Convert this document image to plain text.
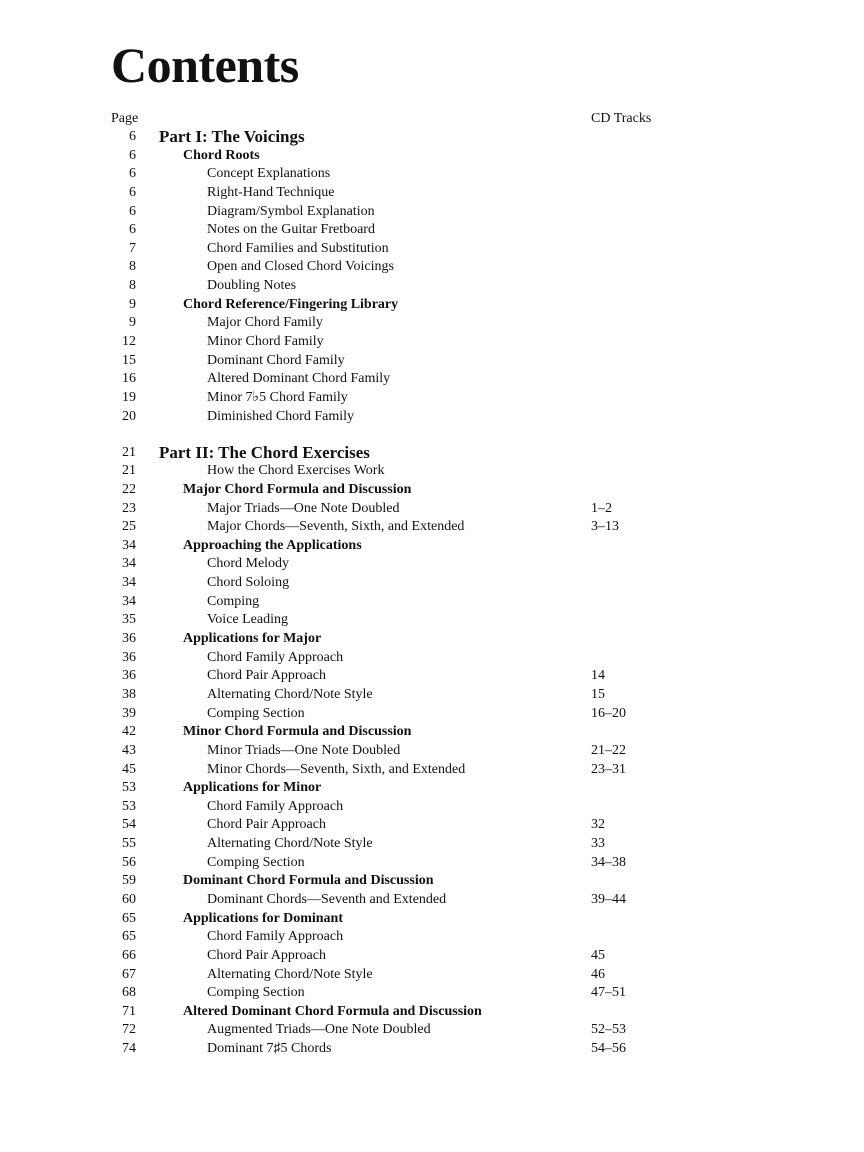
Contents
Page	CD Tracks
6 Part I: The Voicings
6	Chord Roots
6	Concept Explanations
6	Right-Hand Technique
6	Diagram/Symbol Explanation
6	Notes on the Guitar Fretboard
7	Chord Families and Substitution
8	Open and Closed Chord Voicings
8	Doubling Notes
9	Chord Reference/Fingering Library
9	Major Chord Family
12	Minor Chord Family
15	Dominant Chord Family
16	Altered Dominant Chord Family
19	Minor 7♭5 Chord Family
20	Diminished Chord Family
21 Part II: The Chord Exercises
21	How the Chord Exercises Work
22	Major Chord Formula and Discussion
23	Major Triads—One Note Doubled	1–2
25	Major Chords—Seventh, Sixth, and Extended	3–13
34	Approaching the Applications
34	Chord Melody
34	Chord Soloing
34	Comping
35	Voice Leading
36	Applications for Major
36	Chord Family Approach
36	Chord Pair Approach	14
38	Alternating Chord/Note Style	15
39	Comping Section	16–20
42	Minor Chord Formula and Discussion
43	Minor Triads—One Note Doubled	21–22
45	Minor Chords—Seventh, Sixth, and Extended	23–31
53	Applications for Minor
53	Chord Family Approach
54	Chord Pair Approach	32
55	Alternating Chord/Note Style	33
56	Comping Section	34–38
59	Dominant Chord Formula and Discussion
60	Dominant Chords—Seventh and Extended	39–44
65	Applications for Dominant
65	Chord Family Approach
66	Chord Pair Approach	45
67	Alternating Chord/Note Style	46
68	Comping Section	47–51
71	Altered Dominant Chord Formula and Discussion
72	Augmented Triads—One Note Doubled	52–53
74	Dominant 7♯5 Chords	54–56
